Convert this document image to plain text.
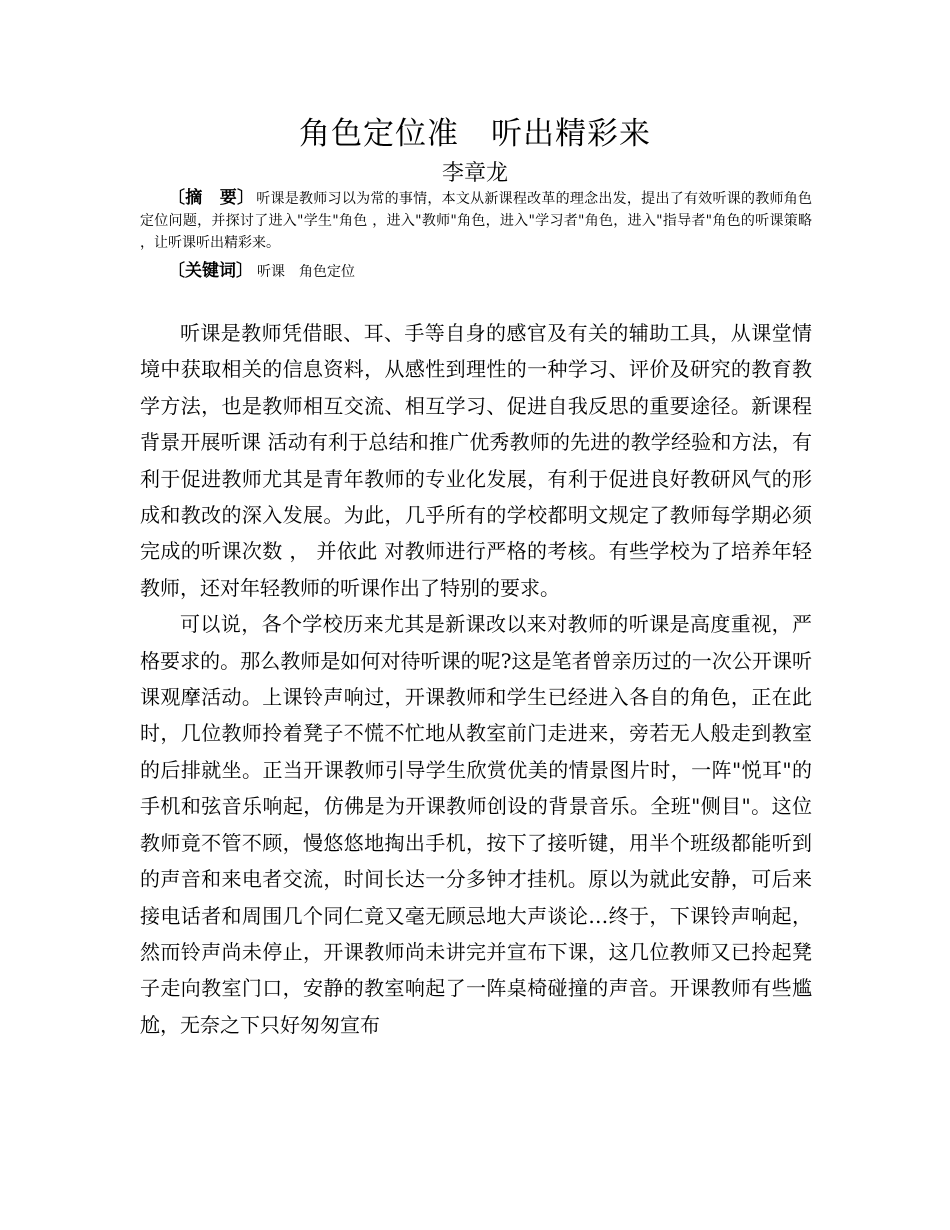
角色定位准　听出精彩来
李章龙
〔摘　要〕 听课是教师习以为常的事情，本文从新课程改革的理念出发，提出了有效听课的教师角色定位问题，并探讨了进入"学生"角色 ，进入"教师"角色，进入"学习者"角色，进入"指导者"角色的听课策略 ，让听课听出精彩来。
〔关键词〕 听课　角色定位

听课是教师凭借眼、耳、手等自身的感官及有关的辅助工具，从课堂情境中获取相关的信息资料，从感性到理性的一种学习、评价及研究的教育教学方法，也是教师相互交流、相互学习、促进自我反思的重要途径。新课程背景开展听课 活动有利于总结和推广优秀教师的先进的教学经验和方法，有利于促进教师尤其是青年教师的专业化发展，有利于促进良好教研风气的形成和教改的深入发展。为此，几乎所有的学校都明文规定了教师每学期必须完成的听课次数 ， 并依此 对教师进行严格的考核。有些学校为了培养年轻教师，还对年轻教师的听课作出了特别的要求。

可以说，各个学校历来尤其是新课改以来对教师的听课是高度重视，严格要求的。那么教师是如何对待听课的呢?这是笔者曾亲历过的一次公开课听课观摩活动。上课铃声响过，开课教师和学生已经进入各自的角色，正在此时，几位教师拎着凳子不慌不忙地从教室前门走进来，旁若无人般走到教室的后排就坐。正当开课教师引导学生欣赏优美的情景图片时，一阵"悦耳"的手机和弦音乐响起，仿佛是为开课教师创设的背景音乐。全班"侧目"。这位教师竟不管不顾，慢悠悠地掏出手机，按下了接听键，用半个班级都能听到的声音和来电者交流，时间长达一分多钟才挂机。原以为就此安静，可后来接电话者和周围几个同仁竟又毫无顾忌地大声谈论…终于，下课铃声响起，然而铃声尚未停止，开课教师尚未讲完并宣布下课，这几位教师又已拎起凳子走向教室门口，安静的教室响起了一阵桌椅碰撞的声音。开课教师有些尴尬，无奈之下只好匆匆宣布
